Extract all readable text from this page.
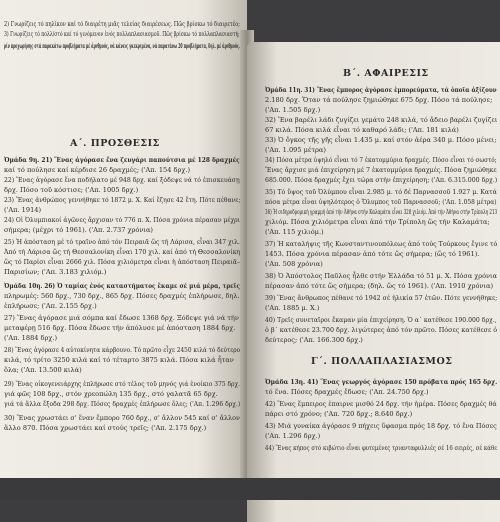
2) Γνωρίζεις τό πηλίκον καί τό διαιρέτη μιᾶς τελείας διαιρέσεως. Πῶς βρίσκω τό διαιρετέο;
3) Γνωρίζεις τό πολλ/στό καί τό γινόμενον ἑνός πολλαπλασιασμοῦ. Πῶς βρίσκω τό πολλαπλασιαστή;
ρίν προχωρήσης στά παρακάτω προβλήματα μέ ἀριθμούς, νά κάνεις γκεκριμένα, νά παρατάνω 20 προβλήματα, δηλ. μέ ἀριθμούς.
Α΄. ΠΡΟΣΘΕΣΙΣ
Ὁμάδα 9η. 21) Ἕνας ἀγόρασε ἕνα ζευγάρι παπούτσια μέ 128 δραχμές
καί τό πούλησε καί κέρδισε 26 δραχμές; ('Απ. 154 δρχ.)
22) Ἕνας ἀγόρασε ἕνα ποδήλατο μέ 948 δρχ. καί ξόδεψε νά τό ἐπισκευάσῃ
δρχ. Πόσο τοῦ κόστισε; ('Απ. 1005 δρχ.)
23) Ἕνας ἀνθρώπος γεννήθηκε τό 1872 μ. Χ. Καί ἔζησε 42 ἔτη. Πότε πέθανε;
('Απ. 1914)
24) Οἱ Ὀλυμπιακοί ἀγῶνες ἄρχισαν τό 776 π. Χ. Πόσα χρόνια πέρασαν μέχρι
σήμερα; (μέχρι τό 1961). ('Απ. 2.737 χρόνια)
25) Ἡ ἀπόσταση μέ τό τραῖνο ἀπό τόν Πειραιᾶ ὥς τή Λάρισα, εἶναι 347 χιλ.
Ἀπό τή Λάρισα ὥς τή Θεσσαλονίκη εἶναι 170 χιλ. καί ἀπό τή Θεσσαλονίκη
ὥς τό Παρίσι εἶναι 2666 χιλ. Πόσα χιλιόμετρα εἶναι ἡ ἀπόσταση Πειραιᾶ–
Παρισίων; ('Απ. 3.183 χιλιόμ.)
Ὁμάδα 10η. 26) Ὁ ταμίας ἑνός καταστήματος ἔκαμε σέ μιά μέρα, τρεῖς
πληρωμές: 560 δρχ., 730 δρχ., 865 δρχ. Πόσες δραχμές ἐπλήρωσε, δηλ.
ἐπλήρωσε; ('Απ. 2.155 δρχ.)
27) Ἕνας ἀγόρασε μιά σόμπα καί ἔδωσε 1368 δρχ. Ξόδεψε γιά νά τήν
μεταφέρῃ 516 δρχ. Πόσα ἔδωσε τήν ἀπόλυσε μέ ἀπόσταση 1884 δρχ.
('Απ. 1884 δρχ.)
28) Ἕνας ἀγόρασε 4 αὐτοκίνητα κάρβουνο. Τό πρῶτο εἶχε 2450 κιλά τό δεύτερο
κιλά, τό τρίτο 3250 κιλά καί τό τέταρτο 3875 κιλά. Πόσα κιλά ἦταν
ὅλα; ('Απ. 13.500 κιλά)
29) Ἕνας οἰκογενειάρχης ἐπλήρωσε στό τέλος τοῦ μηνός γιά ἐνοίκιο 375 δρχ.
γιά φῶς 108 δρχ., στόν χρεοπώλη 135 δρχ., στό γαλατᾶ 65 δρχ.
γιά τά ἄλλα ἔξοδα 298 δρχ. Πόσες δραχμές ἐπλήρωσε ὅλες; ('Απ. 1.296 δρχ.)
30) Ἕνας χρωστάει σ' ἕναν ἔμπορο 760 δρχ., σ' ἄλλον 545 καί σ' ἄλλον
ἄλλο 870. Πόσα χρωστάει καί στούς τρεῖς; ('Απ. 2.175 δρχ.)
Β΄. ΑΦΑΙΡΕΣΙΣ
Ὁμάδα 11η. 31) Ἕνας ἔμπορος ἀγόρασε ἐμπορεύματα, τά ὁποῖα ἀξίζουν
2.180 δρχ. Ὅταν τά πούλησε ζημιώθηκε 675 δρχ. Πόσο τά πούλησε;
('Απ. 1.505 δρχ.)
32) Ἕνα βαρέλι λάδι ζυγίζει γεμάτο 248 κιλά, τό ἄδειο βαρέλι ζυγίζει
67 κιλά. Πόσα κιλά εἶναι τό καθαρό λάδι; ('Απ. 181 κιλά)
33) Ὁ ὄγκος τῆς γῆς εἶναι 1.435 μ. καί στόν ἀέρα 340 μ. Πόσο μένει;
('Απ. 1.095 μέτρα)
34) Πόσα μέτρα ὑψηλό εἶναι τό 7 ἑκατομμύρια δραχμές. Πόσο εἶναι τό σωστό;
Ἕνας ἄρχισε μιά ἐπιχείρηση μέ 7 ἑκατομμύρια δραχμές. Πόσα ζημιώθηκε
685.000. Πόσα δραχμές ἔχει τώρα στήν ἐπιχείρηση; ('Απ. 6.315.000 δρχ.)
35) Τό ὕψος τοῦ Ὀλύμπου εἶναι 2.985 μ. τό δέ Παρνασσοῦ 1.927 μ. Κατά
πόσα μέτρα εἶναι ὑψηλότερος ὁ Ὄλυμπος τοῦ Παρνασσοῦ; ('Απ. 1.058 μέτρα)
36) Ἡ σιδηροδρομική γραμμή ἀπό τήν Ἀθήνα στήν Καλαμάτα εἶναι 328 χιλιόμ. Ἀπό τήν Ἀθήνα στήν Τρίπολη 213
χιλιόμ. Πόσα χιλιόμετρα εἶναι ἀπό τήν Τρίπολη ὥς τήν Καλαμάτα;
('Απ. 115 χιλιόμ.)
37) Ἡ καταλήψις τῆς Κωνσταντινουπόλεως ἀπό τούς Τούρκους ἔγινε τό
1453. Πόσα χρόνια πέρασαν ἀπό τότε ὥς σήμερα; (ὥς τό 1961).
('Απ. 508 χρόνια)
38) Ὁ Ἀπόστολος Παῦλος ἦλθε στήν Ἑλλάδα τό 51 μ. Χ. Πόσα χρόνια
πέρασαν ἀπό τότε ὥς σήμερα; (δηλ. ὥς τό 1961). ('Απ. 1910 χρόνια)
39) Ἕνας ἄνθρωπος πέθανε τό 1942 σέ ἡλικία 57 ἐτῶν. Πότε γεννήθηκε;
('Απ. 1885 μ. Χ.)
40) Τρεῖς συνεταῖροι ἔκαμαν μία ἐπιχείρηση. Ὁ α΄ κατέθεσε 190.000 δρχ.,
ὁ β΄ κατέθεσε 23.700 δρχ. λιγώτερες ἀπό τόν πρῶτο. Πόσες κατέθεσε ὁ
δεύτερος; ('Απ. 166.300 δρχ.)
Γ΄. ΠΟΛΛΑΠΛΑΣΙΑΣΜΟΣ
Ὁμάδα 13η. 41) Ἕνας γεωργός ἀγόρασε 150 πρόβατα πρός 165 δρχ.
τό ἕνα. Πόσες δραχμές ἔδωσε; ('Απ. 24.750 δρχ.)
42) Ἕνας ἔμπειρος ἐπαιρνε μισθό 24 δρχ. τήν ἡμέρα. Πόσες δραχμές θά
πάρει στό χρόνο; ('Απ. 720 δρχ.; 8.640 δρχ.)
43) Μιά γυναίκα ἀγόρασε 9 πήχεις ὕφασμα πρός 18 δρχ. τό ἕνα Πόσες
('Απ. 1.296 δρχ.)
44) Ἕνας κήπος στό κιβώτιο εἶναι φυτεμένες τριανταφυλλιές σέ 16 σειρές, σέ κάθε
